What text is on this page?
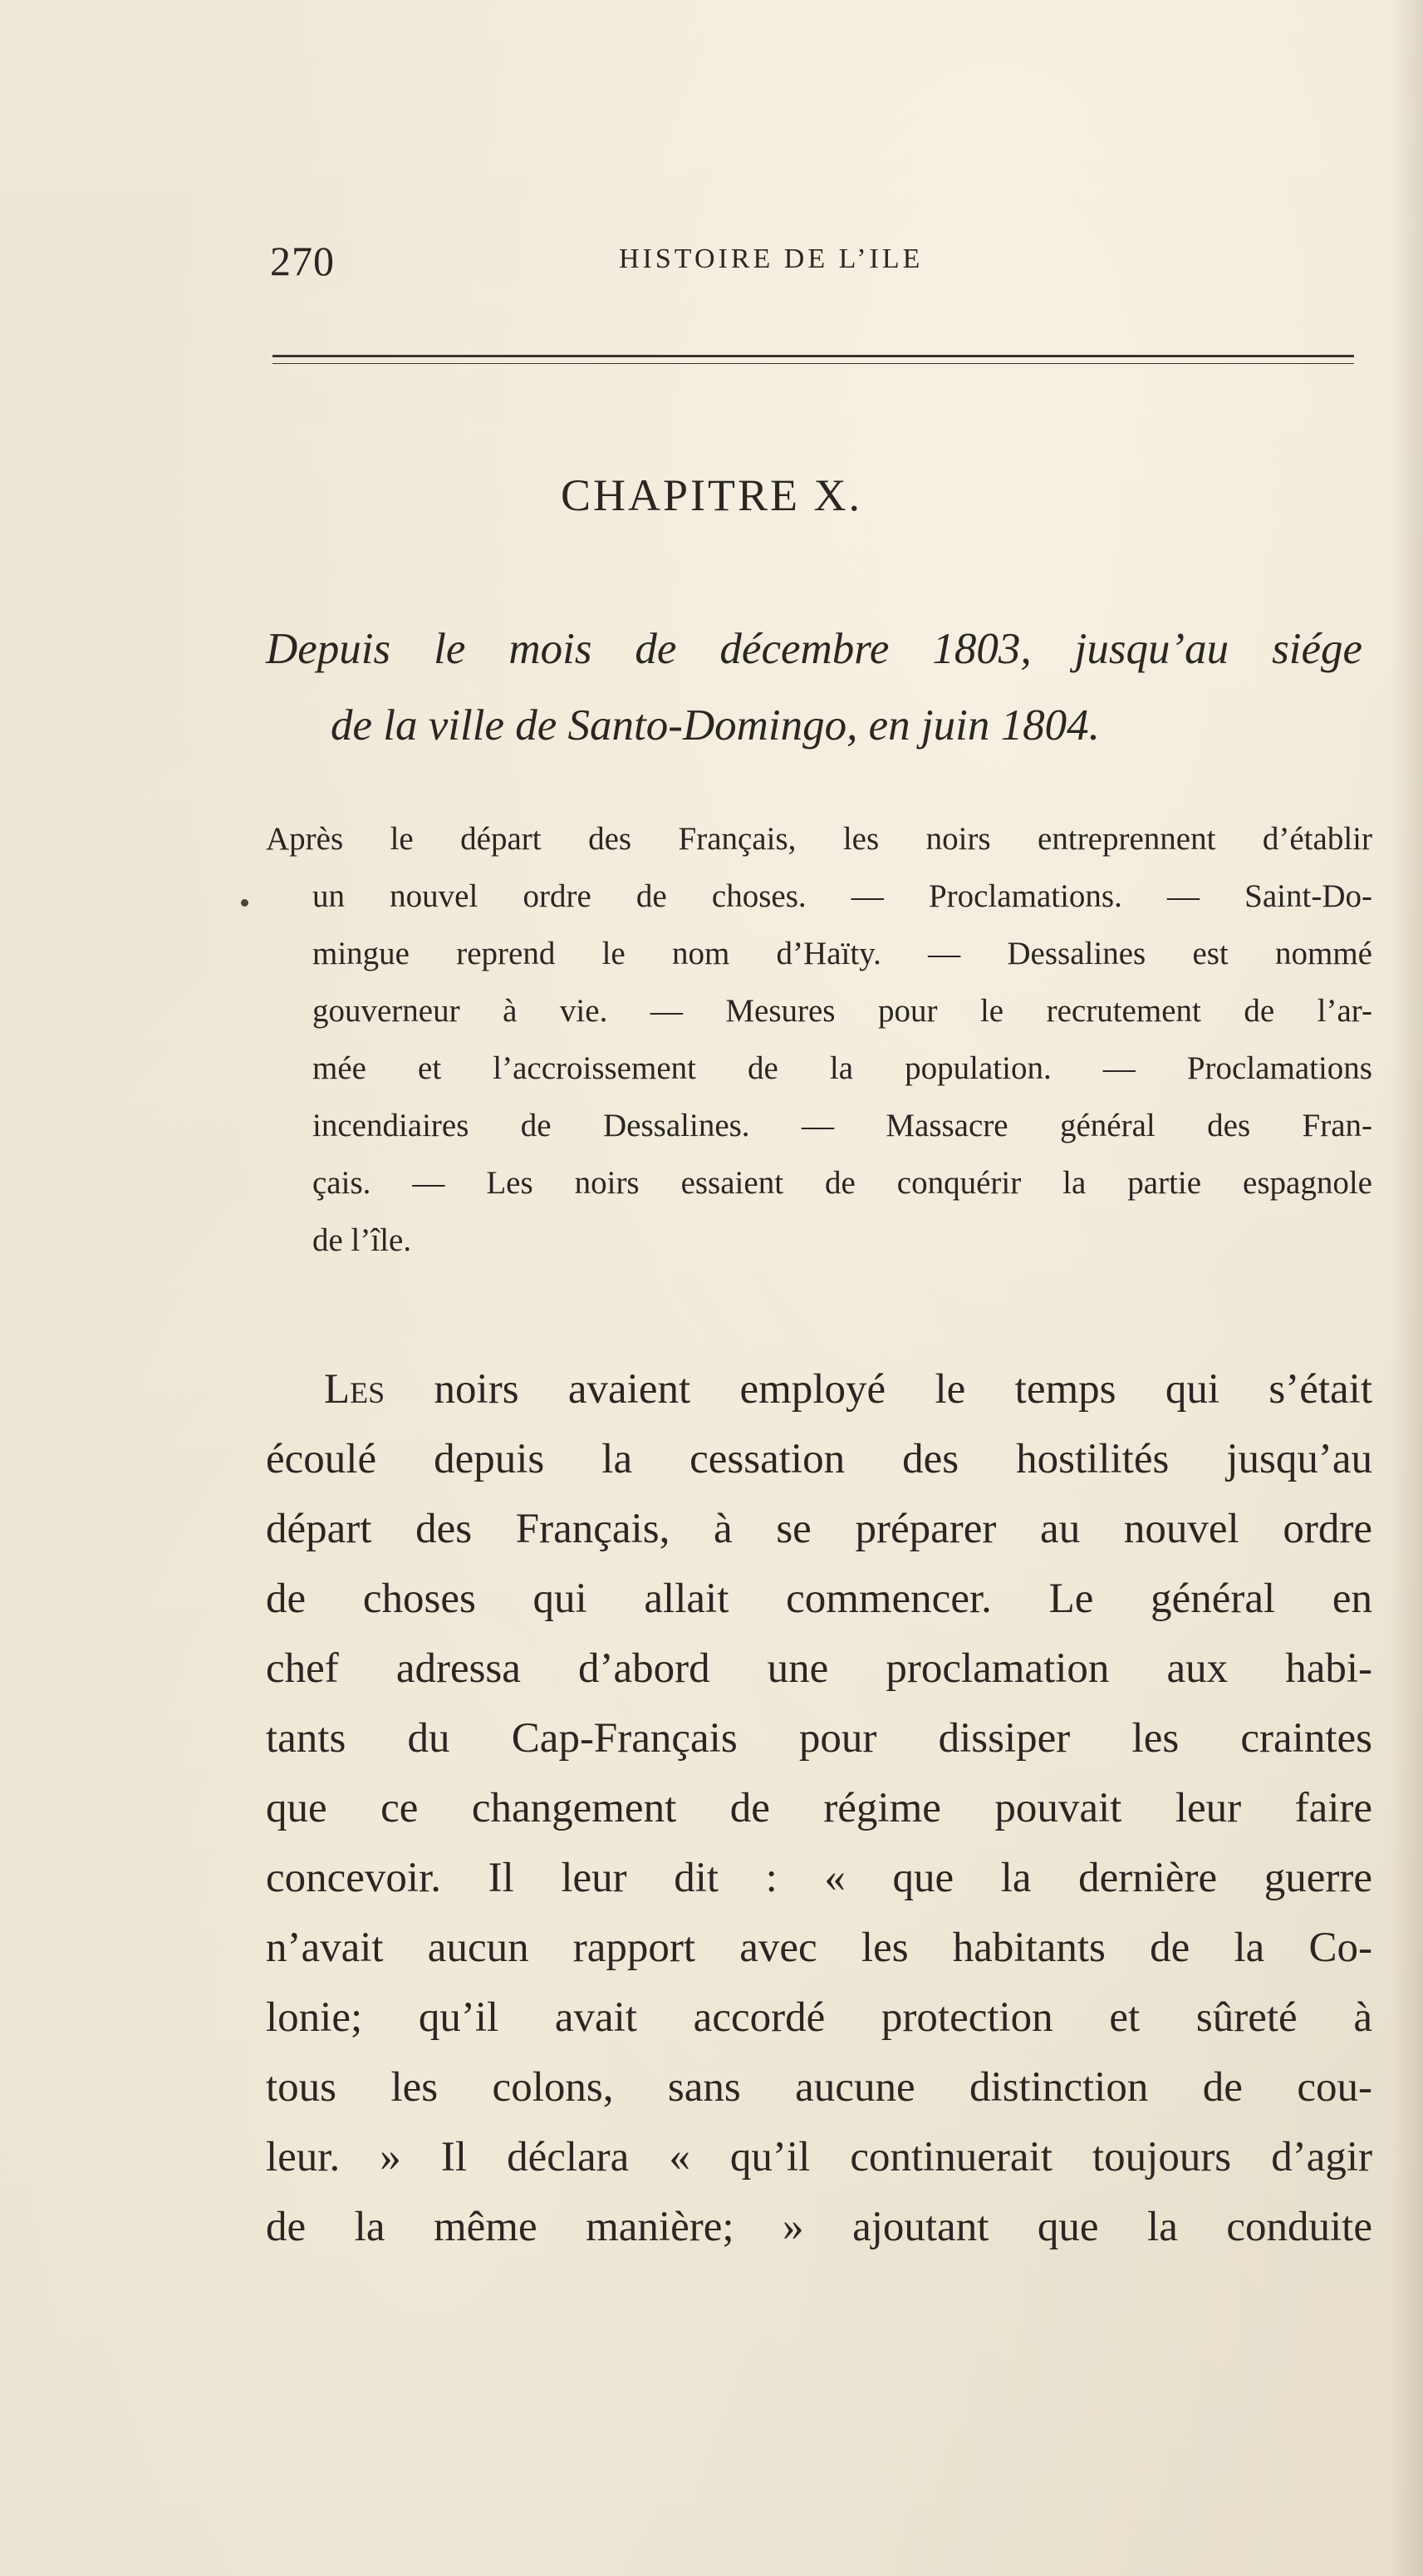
270	HISTOIRE DE L’ILE
CHAPITRE X.
Depuis le mois de décembre 1803, jusqu’au siége
de la ville de Santo-Domingo, en juin 1804.
Après le départ des Français, les noirs entreprennent d’établir
un nouvel ordre de choses. — Proclamations. — Saint-Do-
mingue reprend le nom d’Haïty. — Dessalines est nommé
gouverneur à vie. — Mesures pour le recrutement de l’ar-
mée et l’accroissement de la population. — Proclamations
incendiaires de Dessalines. — Massacre général des Fran-
çais. — Les noirs essaient de conquérir la partie espagnole
de l’île.
Les noirs avaient employé le temps qui s’était
écoulé depuis la cessation des hostilités jusqu’au
départ des Français, à se préparer au nouvel ordre
de choses qui allait commencer. Le général en
chef adressa d’abord une proclamation aux habi-
tants du Cap-Français pour dissiper les craintes
que ce changement de régime pouvait leur faire
concevoir. Il leur dit : « que la dernière guerre
n’avait aucun rapport avec les habitants de la Co-
lonie; qu’il avait accordé protection et sûreté à
tous les colons, sans aucune distinction de cou-
leur. » Il déclara « qu’il continuerait toujours d’agir
de la même manière; » ajoutant que la conduite
